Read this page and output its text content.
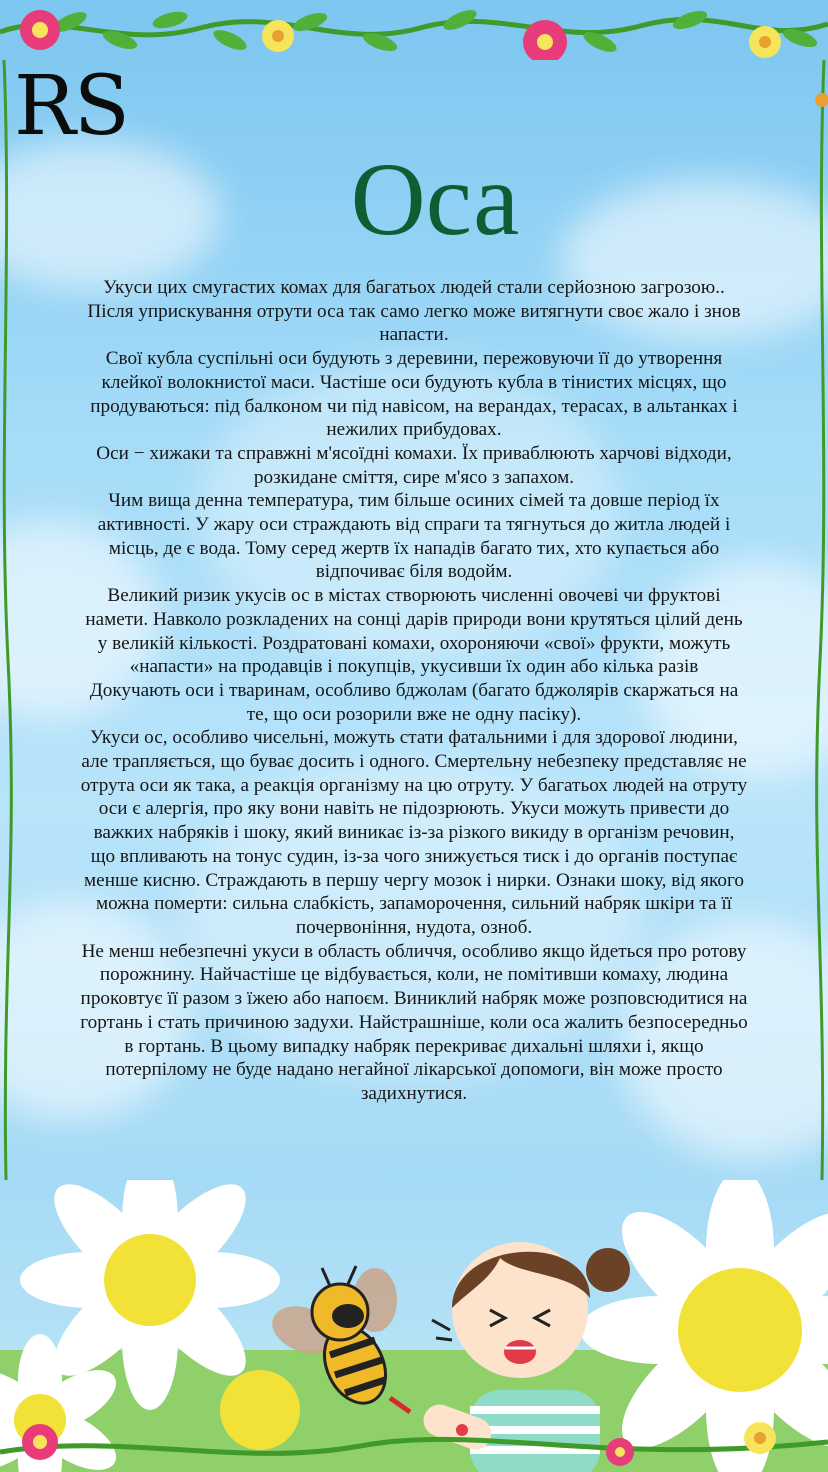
RS
Оса

Укуси цих смугастих комах для багатьох людей стали серйозною загрозою..

Після уприскування отрути оса так само легко може витягнути своє жало і знов напасти.

Свої кубла суспільні оси будують з деревини, пережовуючи її до утворення клейкої волокнистої маси. Частіше оси будують кубла в тінистих місцях, що продуваються: під балконом чи під навісом, на верандах, терасах, в альтанках і нежилих прибудовах.

Оси − хижаки та справжні м'ясоїдні комахи. Їх приваблюють харчові відходи, розкидане сміття, сире м'ясо з запахом.

Чим вища денна температура, тим більше осиних сімей та довше період їх активності. У жару оси страждають від спраги та тягнуться до житла людей і місць, де є вода. Тому серед жертв їх нападів багато тих, хто купається або відпочиває біля водойм.

Великий ризик укусів ос в містах створюють численні овочеві чи фруктові намети. Навколо розкладених на сонці дарів природи вони крутяться цілий день у великій кількості. Роздратовані комахи, охороняючи «свої» фрукти, можуть «напасти» на продавців і покупців, укусивши їх один або кілька разів

Докучають оси і тваринам, особливо бджолам (багато бджолярів скаржаться на те, що оси розорили вже не одну пасіку).

Укуси ос, особливо чисельні, можуть стати фатальними і для здорової людини, але трапляється, що буває досить і одного. Смертельну небезпеку представляє не отрута оси як така, а реакція організму на цю отруту. У багатьох людей на отруту оси є алергія, про яку вони навіть не підозрюють. Укуси можуть привести до важких набряків і шоку, який виникає із-за різкого викиду в організм речовин, що впливають на тонус судин, із-за чого знижується тиск і до органів поступає менше кисню. Страждають в першу чергу мозок і нирки. Ознаки шоку, від якого можна померти: сильна слабкість, запаморочення, сильний набряк шкіри та її почервоніння, нудота, озноб.

Не менш небезпечні укуси в область обличчя, особливо якщо йдеться про ротову порожнину. Найчастіше це відбувається, коли, не помітивши комаху, людина проковтує її разом з їжею або напоєм. Виниклий набряк може розповсюдитися на гортань і стать причиною задухи. Найстрашніше, коли оса жалить безпосередньо в гортань. В цьому випадку набряк перекриває дихальні шляхи і, якщо потерпілому не буде надано негайної лікарської допомоги, він може просто задихнутися.
